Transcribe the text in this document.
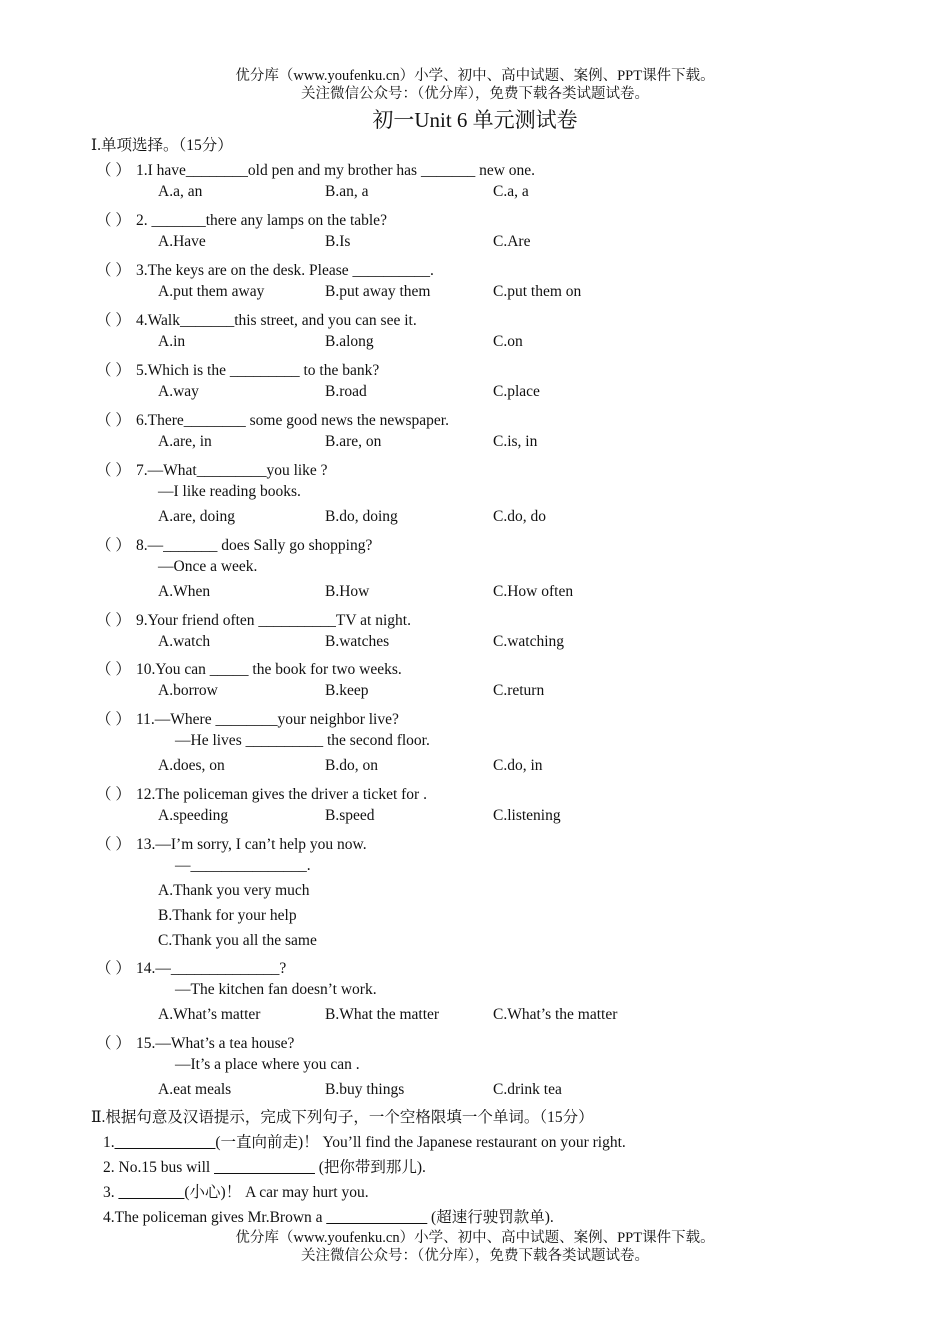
优分库（www.youfenku.cn）小学、初中、高中试题、案例、PPT课件下载。
关注微信公众号：（优分库），免费下载各类试题试卷。
初一Unit 6 单元测试卷
Ⅰ.单项选择。（15分）
（ ） 1.I have________old pen and my brother has _______ new one.
A.a, an	B.an, a	C.a, a
（ ） 2. _______there any lamps on the table?
A.Have	B.Is	C.Are
（ ） 3.The keys are on the desk. Please __________.
A.put them away	B.put away them	C.put them on
（ ） 4.Walk_______this street, and you can see it.
A.in	B.along	C.on
（ ） 5.Which is the _________ to the bank?
A.way	B.road	C.place
（ ） 6.There________ some good news the newspaper.
A.are, in	B.are, on	C.is, in
（ ） 7.—What_________you like ?
—I like reading books.
A.are, doing	B.do, doing	C.do, do
（ ） 8.—_______ does Sally go shopping?
—Once a week.
A.When	B.How	C.How often
（ ） 9.Your friend often __________TV at night.
A.watch	B.watches	C.watching
（ ） 10.You can _____ the book for two weeks.
A.borrow	B.keep	C.return
（ ） 11.—Where ________your neighbor live?
—He lives __________ the second floor.
A.does, on	B.do, on	C.do, in
（ ） 12.The policeman gives the driver a ticket for .
A.speeding	B.speed	C.listening
（ ） 13.—I’m sorry, I can’t help you now.
—_______________.
A.Thank you very much
B.Thank for your help
C.Thank you all the same
（ ） 14.—______________?
—The kitchen fan doesn’t work.
A.What’s matter	B.What the matter	C.What’s the matter
（ ） 15.—What’s a tea house?
—It’s a place where you can .
A.eat meals	B.buy things	C.drink tea
Ⅱ.根据句意及汉语提示，完成下列句子，一个空格限填一个单词。（15分）
1.____ ____ ____(一直向前走)！ You’ll find the Japanese restaurant on your right.
2. No.15 bus will ____ ____ ____ (把你带到那儿).
3. ____ ____(小心)！ A car may hurt you.
4.The policeman gives Mr.Brown a ____ ____ ____ (超速行驶罚款单).
优分库（www.youfenku.cn）小学、初中、高中试题、案例、PPT课件下载。
关注微信公众号：（优分库），免费下载各类试题试卷。
